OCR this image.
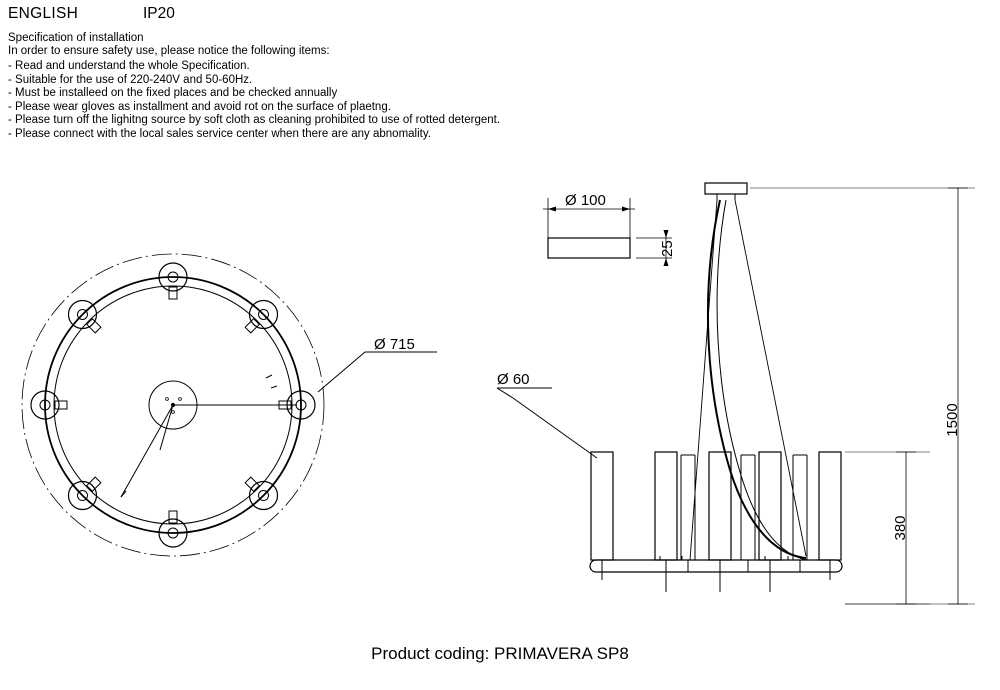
ENGLISH	IP20
Specification of installation
In order to ensure safety use, please notice the following items:
- Read and understand the whole Specification.
- Suitable for the use of 220-240V and 50-60Hz.
- Must be installeed on the fixed places and be checked annually
- Please wear gloves as installment and avoid rot on the surface of plaetng.
- Please turn off the lighitng source by soft cloth as cleaning prohibited to use of rotted detergent.
- Please connect with the local sales service center when there are any abnomality.
Ø 715
Ø 100
25
Ø 60
1500
380
Product coding: PRIMAVERA SP8
